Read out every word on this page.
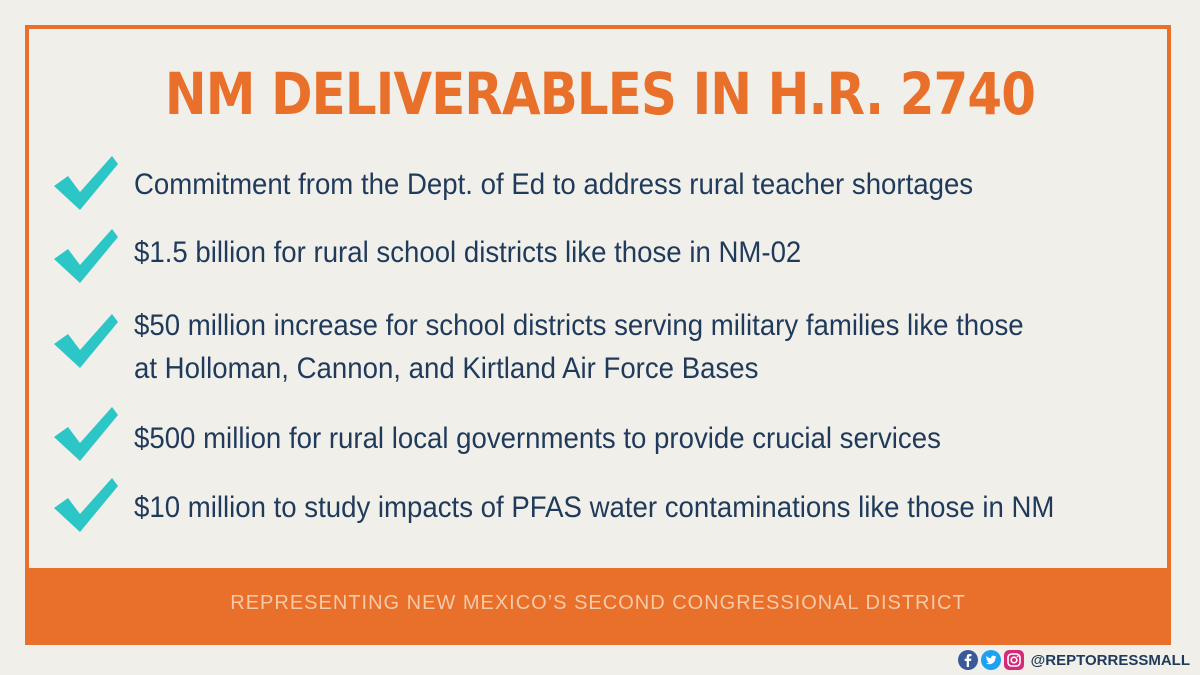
NM DELIVERABLES IN H.R. 2740
Commitment from the Dept. of Ed to address rural teacher shortages
$1.5 billion for rural school districts like those in NM-02
$50 million increase for school districts serving military families like those
at Holloman, Cannon, and Kirtland Air Force Bases
$500 million for rural local governments to provide crucial services
$10 million to study impacts of PFAS water contaminations like those in NM
REPRESENTING NEW MEXICO’S SECOND CONGRESSIONAL DISTRICT
@REPTORRESSMALL
